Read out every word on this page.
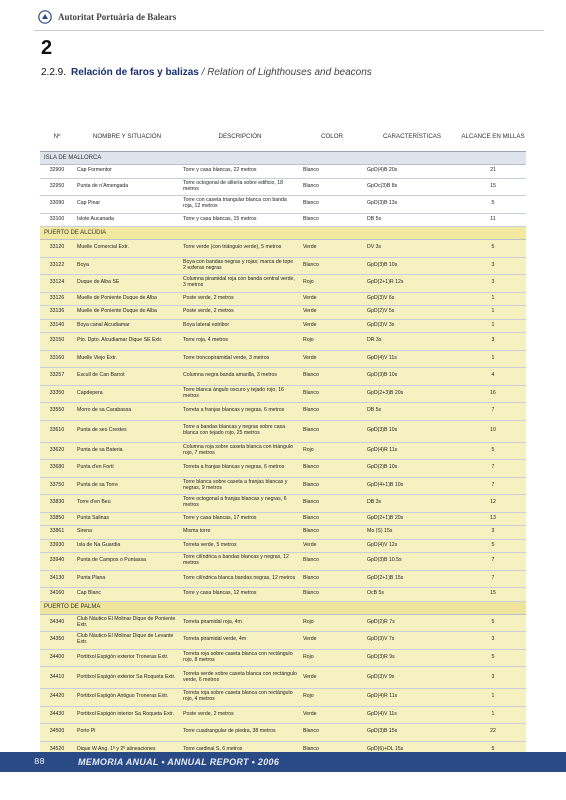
Autoritat Portuària de Balears
2
2.2.9. Relación de faros y balizas / Relation of Lighthouses and beacons
Nº	NOMBRE Y SITUACIÓN	DESCRIPCIÓN	COLOR	CARACTERÍSTICAS	ALCANCE EN MILLAS
ISLA DE MALLORCA					
32900	Cap Formentor	Torre y casa blancas, 22 metros	Blanco	GpD(4)B 20s	21
32950	Punta de n'Amengada	Torre octogonal de sillería sobre edificio, 18 metros	Blanco	GpOc(3)B 8s	15
33090	Cap Pinar	Torre con caseta triangular blanca con banda roja, 12 metros	Blanco	GpD(3)B 13s	5
33100	Islote Aucanada	Torre y casa blancas, 15 metros	Blanco	DB 5s	11
PUERTO DE ALCÚDIA					
33120	Muelle Comercial Extr.	Torre verde (con triángulo verde), 5 metros	Verde	DV 3s	5
33122	Boya	Boya con bandas negras y rojas; marca de tope 2 esferas negras	Blanco	GpD(3)B 10s	3
33124	Duque de Alba SE	Columna piramidal roja con banda central verde, 3 metros	Rojo	GpD(2+1)R 12s	3
33126	Muelle de Poniente Duque de Alba	Poste verde, 2 metros	Verde	GpD(3)V 6s	1
33136	Muelle de Poniente Duque de Alba	Poste verde, 2 metros	Verde	GpD(2)V 5s	1
33140	Boya canal Alcudiamar	Boya lateral estribor	Verde	GpD(3)V 3s	1
33150	Pto. Dpto. Alcudiamar Dique SE Extr.	Torre roja, 4 metros	Rojo	DR 3s	3
33160	Muelle Viejo Extr.	Torre troncopiramidal verde, 3 metros	Verde	GpD(4)V 11s	1
33257	Escull de Can Barrot	Columna negra banda amarilla, 3 metros	Blanco	GpD(3)B 10s	4
33350	Capdepera	Torre blanca ángulo oscuro y tejado rojo, 16 metros	Blanco	GpD(2+3)B 20s	16
33550	Morro de sa Carabassa	Torreta a franjas blancas y negras, 6 metros	Blanco	DB 5s	7
33610	Punta de ses Crestes	Torre a bandas blancas y negras sobre casa blanca con tejado rojo, 25 metros	Blanco	GpD(3)B 10s	10
33620	Punta de sa Bateria	Columna roja sobre caseta blanca con triángulo rojo, 7 metros	Rojo	GpD(4)R 11s	5
33680	Punta d'en Fortí	Torreta a franjas blancas y negras, 6 metros	Blanco	GpD(2)B 10s	7
33750	Punta de sa Torre	Torre blanca sobre caseta a franjas blancas y negras, 9 metros	Blanco	GpD(4+1)B 10s	7
33830	Torre d'en Beu	Torre octogonal a franjas blancas y negras, 6 metros	Blanco	DB 3s	12
33850	Punta Salinas	Torre y casa blancas, 17 metros	Blanco	GpD(2+1)B 20s	13
33861	Sirena	Misma torre	Blanco	Mo (S) 15s	3
33930	Isla de Na Guardia	Torreta verde, 5 metros	Verde	GpD(4)V 12s	5
33940	Punta de Campos o Puntassa	Torre cilíndrica a bandas blancas y negras, 12 metros	Blanco	GpD(3)B 10.5s	7
34130	Punta Plana	Torre cilíndrica blanca bandas negras, 12 metros	Blanco	GpD(2+1)B 15s	7
34160	Cap Blanc	Torre y casa blancas, 12 metros	Blanco	OcB 5s	15
PUERTO DE PALMA					
34340	Club Náutico El Molinar Dique de Poniente Extr.	Torreta piramidal roja, 4m	Rojo	GpD(2)R 7s	5
34350	Club Náutico El Molinar Dique de Levante Extr.	Torreta piramidal verde, 4m	Verde	GpD(3)V 7s	3
34400	Portitxol Espigón exterior Troneras Extr.	Torreta roja sobre caseta blanca con rectángulo rojo, 8 metros	Rojo	GpD(3)R 9s	5
34410	Portitxol Espigón exterior Sa Roqueta Extr.	Torreta verde sobre caseta blanca con rectángulo verde, 6 metros	Verde	GpD(3)V 9s	3
34420	Portitxol Espigón Antiguo Troneras Extr.	Torreta roja sobre caseta blanca con rectángulo rojo, 4 metros	Rojo	GpD(4)R 11s	1
34430	Portitxol Espigón interior Sa Roqueta Extr.	Poste verde, 2 metros	Verde	GpD(4)V 11s	1
34500	Porto Pi	Torre cuadrangular de piedra, 38 metros	Blanco	GpD(3)B 15s	22
34520	Dique W Ang. 1º y 2º alineaciones	Torre cardinal S, 6 metros	Blanco	GpD(6)+DL 15s	5
88	MEMORIA ANUAL • ANNUAL REPORT • 2006
